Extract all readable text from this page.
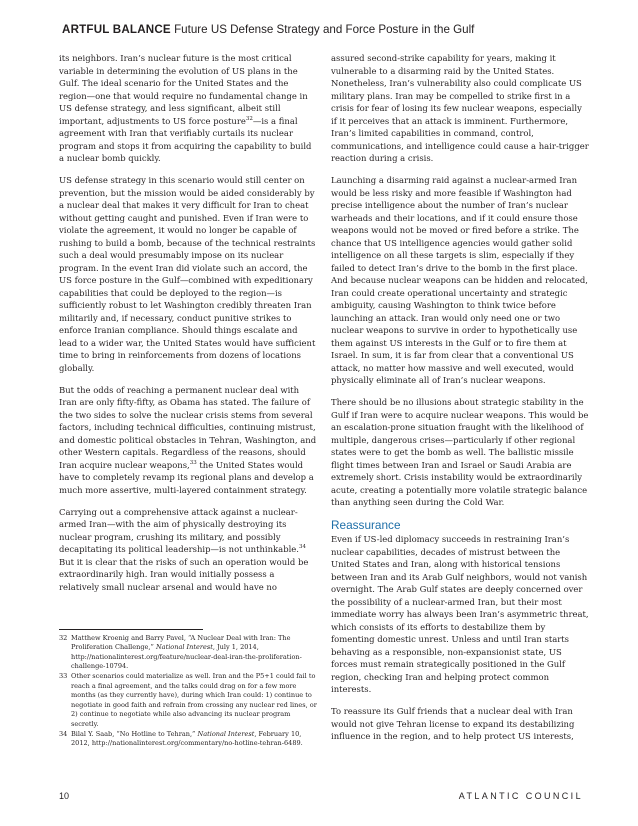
ARTFUL BALANCE Future US Defense Strategy and Force Posture in the Gulf

its neighbors. Iran’s nuclear future is the most critical variable in determining the evolution of US plans in the Gulf. The ideal scenario for the United States and the region—one that would require no fundamental change in US defense strategy, and less significant, albeit still important, adjustments to US force posture$^{32}$—is a final agreement with Iran that verifiably curtails its nuclear program and stops it from acquiring the capability to build a nuclear bomb quickly.

US defense strategy in this scenario would still center on prevention, but the mission would be aided considerably by a nuclear deal that makes it very difficult for Iran to cheat without getting caught and punished. Even if Iran were to violate the agreement, it would no longer be capable of rushing to build a bomb, because of the technical restraints such a deal would presumably impose on its nuclear program. In the event Iran did violate such an accord, the US force posture in the Gulf—combined with expeditionary capabilities that could be deployed to the region—is sufficiently robust to let Washington credibly threaten Iran militarily and, if necessary, conduct punitive strikes to enforce Iranian compliance. Should things escalate and lead to a wider war, the United States would have sufficient time to bring in reinforcements from dozens of locations globally.

But the odds of reaching a permanent nuclear deal with Iran are only fifty-fifty, as Obama has stated. The failure of the two sides to solve the nuclear crisis stems from several factors, including technical difficulties, continuing mistrust, and domestic political obstacles in Tehran, Washington, and other Western capitals. Regardless of the reasons, should Iran acquire nuclear weapons,$^{33}$ the United States would have to completely revamp its regional plans and develop a much more assertive, multi-layered containment strategy.

Carrying out a comprehensive attack against a nuclear-armed Iran—with the aim of physically destroying its nuclear program, crushing its military, and possibly decapitating its political leadership—is not unthinkable.$^{34}$ But it is clear that the risks of such an operation would be extraordinarily high. Iran would initially possess a relatively small nuclear arsenal and would have no

32 Matthew Kroenig and Barry Pavel, “A Nuclear Deal with Iran: The Proliferation Challenge,” National Interest, July 1, 2014, http://nationalinterest.org/feature/nuclear-deal-iran-the-proliferation-challenge-10794.
33 Other scenarios could materialize as well. Iran and the P5+1 could fail to reach a final agreement, and the talks could drag on for a few more months (as they currently have), during which Iran could: 1) continue to negotiate in good faith and refrain from crossing any nuclear red lines, or 2) continue to negotiate while also advancing its nuclear program secretly.
34 Bilal Y. Saab, “No Hotline to Tehran,” National Interest, February 10, 2012, http://nationalinterest.org/commentary/no-hotline-tehran-6489.

assured second-strike capability for years, making it vulnerable to a disarming raid by the United States. Nonetheless, Iran’s vulnerability also could complicate US military plans. Iran may be compelled to strike first in a crisis for fear of losing its few nuclear weapons, especially if it perceives that an attack is imminent. Furthermore, Iran’s limited capabilities in command, control, communications, and intelligence could cause a hair-trigger reaction during a crisis.

Launching a disarming raid against a nuclear-armed Iran would be less risky and more feasible if Washington had precise intelligence about the number of Iran’s nuclear warheads and their locations, and if it could ensure those weapons would not be moved or fired before a strike. The chance that US intelligence agencies would gather solid intelligence on all these targets is slim, especially if they failed to detect Iran’s drive to the bomb in the first place. And because nuclear weapons can be hidden and relocated, Iran could create operational uncertainty and strategic ambiguity, causing Washington to think twice before launching an attack. Iran would only need one or two nuclear weapons to survive in order to hypothetically use them against US interests in the Gulf or to fire them at Israel. In sum, it is far from clear that a conventional US attack, no matter how massive and well executed, would physically eliminate all of Iran’s nuclear weapons.

There should be no illusions about strategic stability in the Gulf if Iran were to acquire nuclear weapons. This would be an escalation-prone situation fraught with the likelihood of multiple, dangerous crises—particularly if other regional states were to get the bomb as well. The ballistic missile flight times between Iran and Israel or Saudi Arabia are extremely short. Crisis instability would be extraordinarily acute, creating a potentially more volatile strategic balance than anything seen during the Cold War.

Reassurance

Even if US-led diplomacy succeeds in restraining Iran’s nuclear capabilities, decades of mistrust between the United States and Iran, along with historical tensions between Iran and its Arab Gulf neighbors, would not vanish overnight. The Arab Gulf states are deeply concerned over the possibility of a nuclear-armed Iran, but their most immediate worry has always been Iran’s asymmetric threat, which consists of its efforts to destabilize them by fomenting domestic unrest. Unless and until Iran starts behaving as a responsible, non-expansionist state, US forces must remain strategically positioned in the Gulf region, checking Iran and helping protect common interests.

To reassure its Gulf friends that a nuclear deal with Iran would not give Tehran license to expand its destabilizing influence in the region, and to help protect US interests,

10	ATLANTIC COUNCIL
